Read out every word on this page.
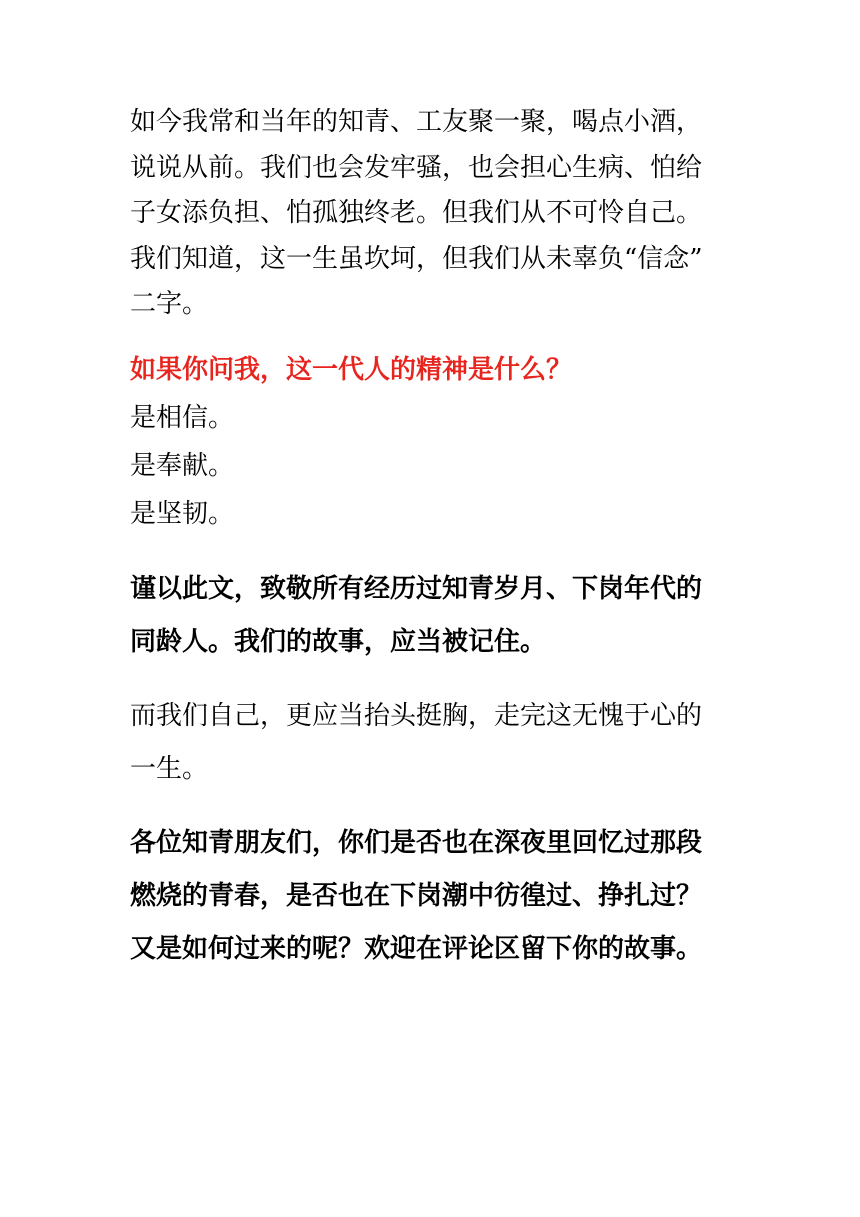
如今我常和当年的知青、工友聚一聚，喝点小酒，
说说从前。我们也会发牢骚，也会担心生病、怕给
子女添负担、怕孤独终老。但我们从不可怜自己。
我们知道，这一生虽坎坷，但我们从未辜负“信念”
二字。
如果你问我，这一代人的精神是什么？
是相信。
是奉献。
是坚韧。
谨以此文，致敬所有经历过知青岁月、下岗年代的
同龄人。我们的故事，应当被记住。
而我们自己，更应当抬头挺胸，走完这无愧于心的
一生。
各位知青朋友们，你们是否也在深夜里回忆过那段
燃烧的青春，是否也在下岗潮中彷徨过、挣扎过？
又是如何过来的呢？欢迎在评论区留下你的故事。
